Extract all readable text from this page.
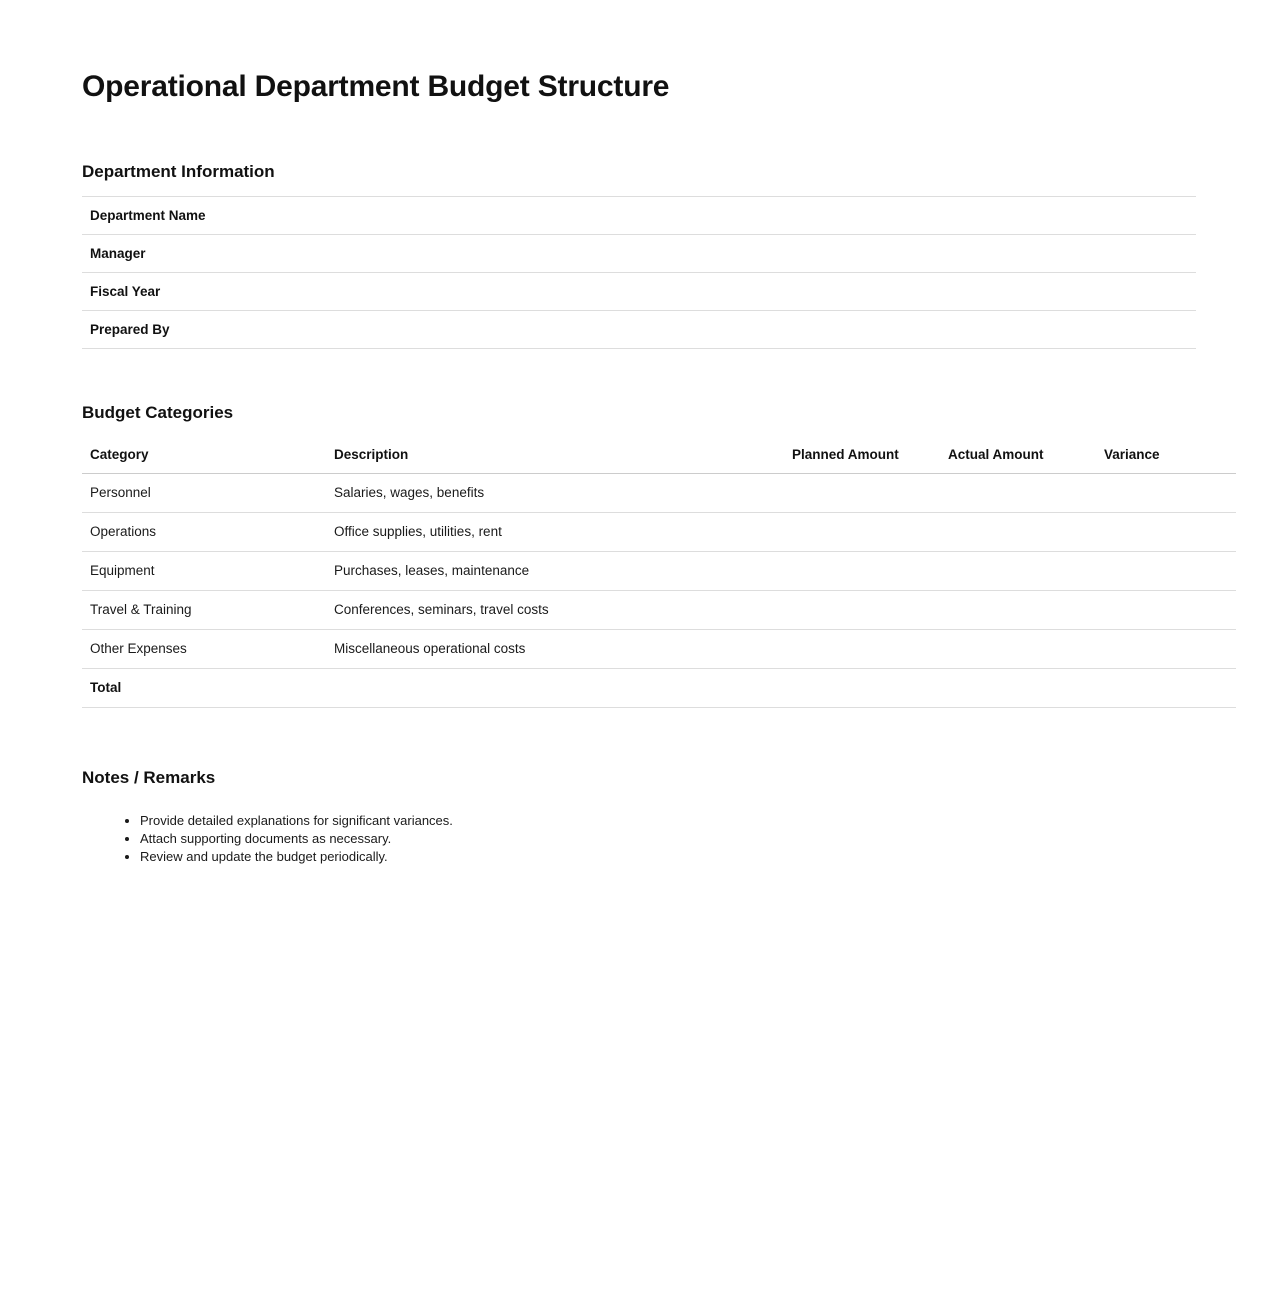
Operational Department Budget Structure
Department Information
Department Name
Manager
Fiscal Year
Prepared By
Budget Categories
Category	Description	Planned Amount	Actual Amount	Variance
Personnel	Salaries, wages, benefits			
Operations	Office supplies, utilities, rent			
Equipment	Purchases, leases, maintenance			
Travel & Training	Conferences, seminars, travel costs			
Other Expenses	Miscellaneous operational costs			
Total				
Notes / Remarks
• Provide detailed explanations for significant variances.
• Attach supporting documents as necessary.
• Review and update the budget periodically.
